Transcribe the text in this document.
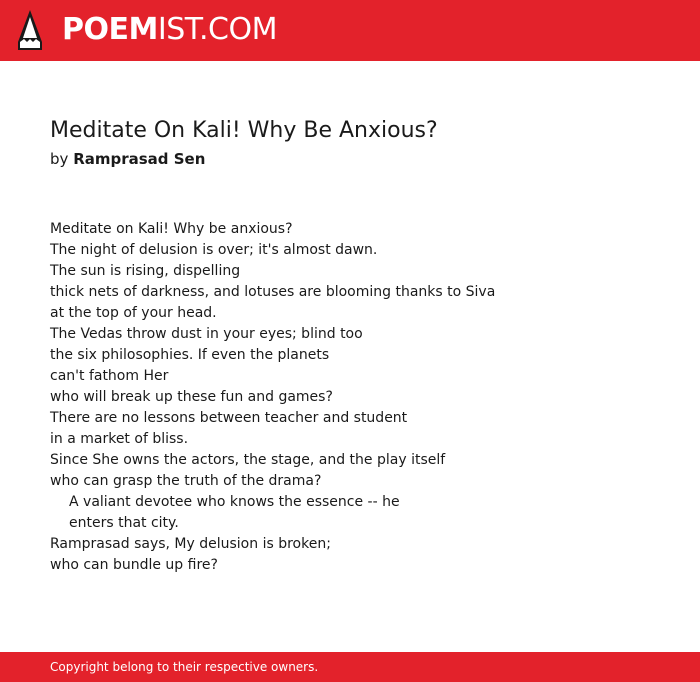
POEMIST.COM
Meditate On Kali! Why Be Anxious?
by Ramprasad Sen
Meditate on Kali! Why be anxious?
The night of delusion is over; it's almost dawn.
The sun is rising, dispelling
thick nets of darkness, and lotuses are blooming thanks to Siva
at the top of your head.
The Vedas throw dust in your eyes; blind too
the six philosophies. If even the planets
can't fathom Her
who will break up these fun and games?
There are no lessons between teacher and student
in a market of bliss.
Since She owns the actors, the stage, and the play itself
who can grasp the truth of the drama?
A valiant devotee who knows the essence -- he
enters that city.
Ramprasad says, My delusion is broken;
who can bundle up fire?
Copyright belong to their respective owners.
